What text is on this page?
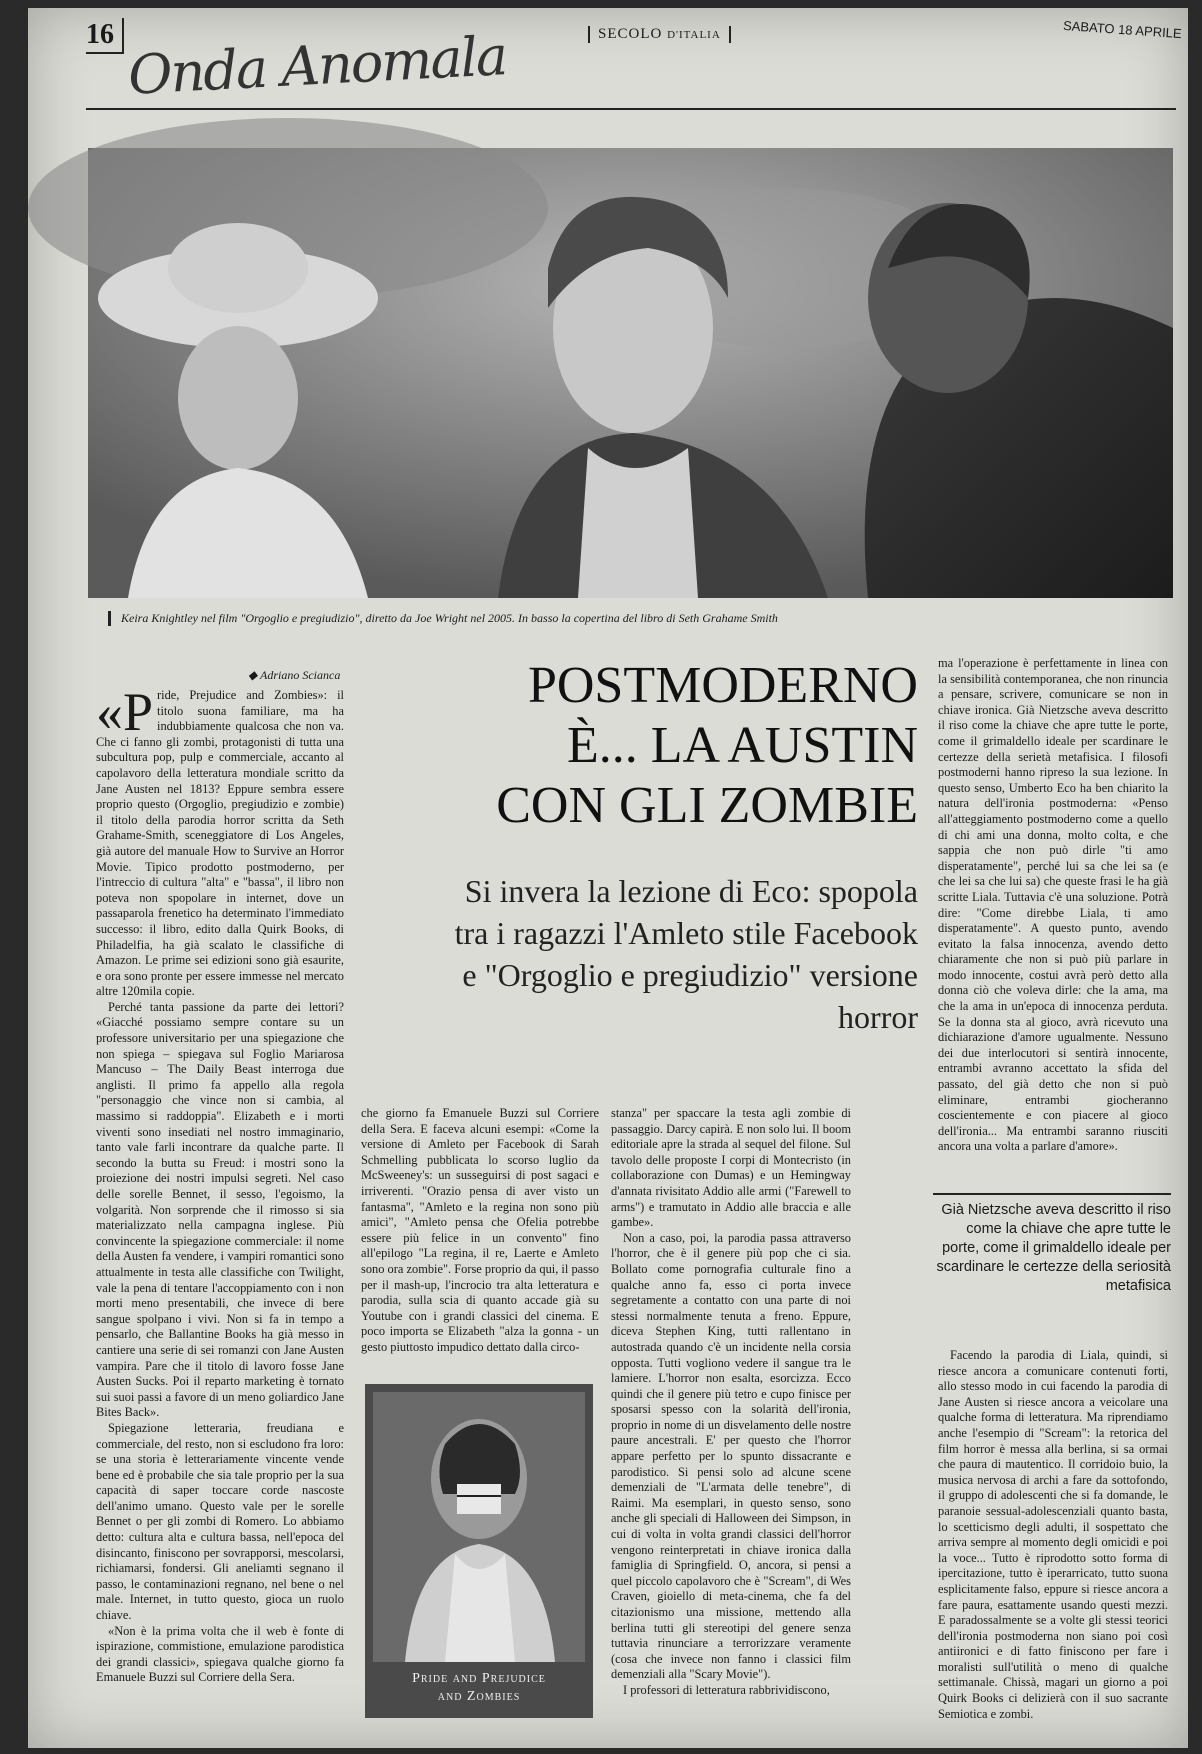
16 Onda Anomala	SECOLO D'ITALIA	SABATO 18 APRILE
Keira Knightley nel film "Orgoglio e pregiudizio", diretto da Joe Wright nel 2005. In basso la copertina del libro di Seth Grahame Smith
◆ Adriano Scianca

«Pride, Prejudice and Zombies»: il titolo suona familiare, ma ha indubbiamente qualcosa che non va. Che ci fanno gli zombi, protagonisti di tutta una subcultura pop, pulp e commerciale, accanto al capolavoro della letteratura mondiale scritto da Jane Austen nel 1813? Eppure sembra essere proprio questo (Orgoglio, pregiudizio e zombie) il titolo della parodia horror scritta da Seth Grahame-Smith, sceneggiatore di Los Angeles, già autore del manuale How to Survive an Horror Movie. Tipico prodotto postmoderno, per l'intreccio di cultura "alta" e "bassa", il libro non poteva non spopolare in internet, dove un passaparola frenetico ha determinato l'immediato successo: il libro, edito dalla Quirk Books, di Philadelfia, ha già scalato le classifiche di Amazon. Le prime sei edizioni sono già esaurite, e ora sono pronte per essere immesse nel mercato altre 120mila copie.

Perché tanta passione da parte dei lettori? «Giacché possiamo sempre contare su un professore universitario per una spiegazione che non spiega – spiegava sul Foglio Mariarosa Mancuso – The Daily Beast interroga due anglisti. Il primo fa appello alla regola "personaggio che vince non si cambia, al massimo si raddoppia". Elizabeth e i morti viventi sono insediati nel nostro immaginario, tanto vale farli incontrare da qualche parte. Il secondo la butta su Freud: i mostri sono la proiezione dei nostri impulsi segreti. Nel caso delle sorelle Bennet, il sesso, l'egoismo, la volgarità. Non sorprende che il rimosso si sia materializzato nella campagna inglese. Più convincente la spiegazione commerciale: il nome della Austen fa vendere, i vampiri romantici sono attualmente in testa alle classifiche con Twilight, vale la pena di tentare l'accoppiamento con i non morti meno presentabili, che invece di bere sangue spolpano i vivi. Non si fa in tempo a pensarlo, che Ballantine Books ha già messo in cantiere una serie di sei romanzi con Jane Austen vampira. Pare che il titolo di lavoro fosse Jane Austen Sucks. Poi il reparto marketing è tornato sui suoi passi a favore di un meno goliardico Jane Bites Back».

Spiegazione letteraria, freudiana e commerciale, del resto, non si escludono fra loro: se una storia è letterariamente vincente vende bene ed è probabile che sia tale proprio per la sua capacità di saper toccare corde nascoste dell'animo umano. Questo vale per le sorelle Bennet o per gli zombi di Romero. Lo abbiamo detto: cultura alta e cultura bassa, nell'epoca del disincanto, finiscono per sovrapporsi, mescolarsi, richiamarsi, fondersi. Gli aneliamti segnano il passo, le contaminazioni regnano, nel bene o nel male. Internet, in tutto questo, gioca un ruolo chiave.

«Non è la prima volta che il web è fonte di ispirazione, commistione, emulazione parodistica dei grandi classici», spiegava qualche giorno fa Emanuele Buzzi sul Corriere della Sera.

POSTMODERNO È... LA AUSTIN CON GLI ZOMBIE
Si invera la lezione di Eco: spopola tra i ragazzi l'Amleto stile Facebook e "Orgoglio e pregiudizio" versione horror

che giorno fa Emanuele Buzzi sul Corriere della Sera. E faceva alcuni esempi: «Come la versione di Amleto per Facebook di Sarah Schmelling pubblicata lo scorso luglio da McSweeney's: un susseguirsi di post sagaci e irriverenti. "Orazio pensa di aver visto un fantasma", "Amleto e la regina non sono più amici", "Amleto pensa che Ofelia potrebbe essere più felice in un convento" fino all'epilogo "La regina, il re, Laerte e Amleto sono ora zombie". Forse proprio da qui, il passo per il mash-up, l'incrocio tra alta letteratura e parodia, sulla scia di quanto accade già su Youtube con i grandi classici del cinema. E poco importa se Elizabeth "alza la gonna - un gesto piuttosto impudico dettato dalla circo-

Pride and Prejudice
and Zombies

stanza" per spaccare la testa agli zombie di passaggio. Darcy capirà. E non solo lui. Il boom editoriale apre la strada al sequel del filone. Sul tavolo delle proposte I corpi di Montecristo (in collaborazione con Dumas) e un Hemingway d'annata rivisitato Addio alle armi ("Farewell to arms") e tramutato in Addio alle braccia e alle gambe».

Non a caso, poi, la parodia passa attraverso l'horror, che è il genere più pop che ci sia. Bollato come pornografia culturale fino a qualche anno fa, esso ci porta invece segretamente a contatto con una parte di noi stessi normalmente tenuta a freno. Eppure, diceva Stephen King, tutti rallentano in autostrada quando c'è un incidente nella corsia opposta. Tutti vogliono vedere il sangue tra le lamiere. L'horror non esalta, esorcizza. Ecco quindi che il genere più tetro e cupo finisce per sposarsi spesso con la solarità dell'ironia, proprio in nome di un disvelamento delle nostre paure ancestrali. E' per questo che l'horror appare perfetto per lo spunto dissacrante e parodistico. Si pensi solo ad alcune scene demenziali de "L'armata delle tenebre", di Raimi. Ma esemplari, in questo senso, sono anche gli speciali di Halloween dei Simpson, in cui di volta in volta grandi classici dell'horror vengono reinterpretati in chiave ironica dalla famiglia di Springfield. O, ancora, si pensi a quel piccolo capolavoro che è "Scream", di Wes Craven, gioiello di meta-cinema, che fa del citazionismo una missione, mettendo alla berlina tutti gli stereotipi del genere senza tuttavia rinunciare a terrorizzare veramente (cosa che invece non fanno i classici film demenziali alla "Scary Movie").

I professori di letteratura rabbrividiscono,

ma l'operazione è perfettamente in linea con la sensibilità contemporanea, che non rinuncia a pensare, scrivere, comunicare se non in chiave ironica. Già Nietzsche aveva descritto il riso come la chiave che apre tutte le porte, come il grimaldello ideale per scardinare le certezze della serietà metafisica. I filosofi postmoderni hanno ripreso la sua lezione. In questo senso, Umberto Eco ha ben chiarito la natura dell'ironia postmoderna: «Penso all'atteggiamento postmoderno come a quello di chi ami una donna, molto colta, e che sappia che non può dirle "ti amo disperatamente", perché lui sa che lei sa (e che lei sa che lui sa) che queste frasi le ha già scritte Liala. Tuttavia c'è una soluzione. Potrà dire: "Come direbbe Liala, ti amo disperatamente". A questo punto, avendo evitato la falsa innocenza, avendo detto chiaramente che non si può più parlare in modo innocente, costui avrà però detto alla donna ciò che voleva dirle: che la ama, ma che la ama in un'epoca di innocenza perduta. Se la donna sta al gioco, avrà ricevuto una dichiarazione d'amore ugualmente. Nessuno dei due interlocutori si sentirà innocente, entrambi avranno accettato la sfida del passato, del già detto che non si può eliminare, entrambi giocheranno coscientemente e con piacere al gioco dell'ironia... Ma entrambi saranno riusciti ancora una volta a parlare d'amore».

Già Nietzsche aveva descritto il riso come la chiave che apre tutte le porte, come il grimaldello ideale per scardinare le certezze della seriosità metafisica

Facendo la parodia di Liala, quindi, si riesce ancora a comunicare contenuti forti, allo stesso modo in cui facendo la parodia di Jane Austen si riesce ancora a veicolare una qualche forma di letteratura. Ma riprendiamo anche l'esempio di "Scream": la retorica del film horror è messa alla berlina, si sa ormai che paura di mautentico. Il corridoio buio, la musica nervosa di archi a fare da sottofondo, il gruppo di adolescenti che si fa domande, le paranoie sessual-adolescenziali quanto basta, lo scetticismo degli adulti, il sospettato che arriva sempre al momento degli omicidi e poi la voce... Tutto è riprodotto sotto forma di ipercitazione, tutto è iperarricato, tutto suona esplicitamente falso, eppure si riesce ancora a fare paura, esattamente usando questi mezzi. E paradossalmente se a volte gli stessi teorici dell'ironia postmoderna non siano poi così antiironici e di fatto finiscono per fare i moralisti sull'utilità o meno di qualche settimanale. Chissà, magari un giorno a poi Quirk Books ci delizierà con il suo sacrante Semiotica e zombi.
